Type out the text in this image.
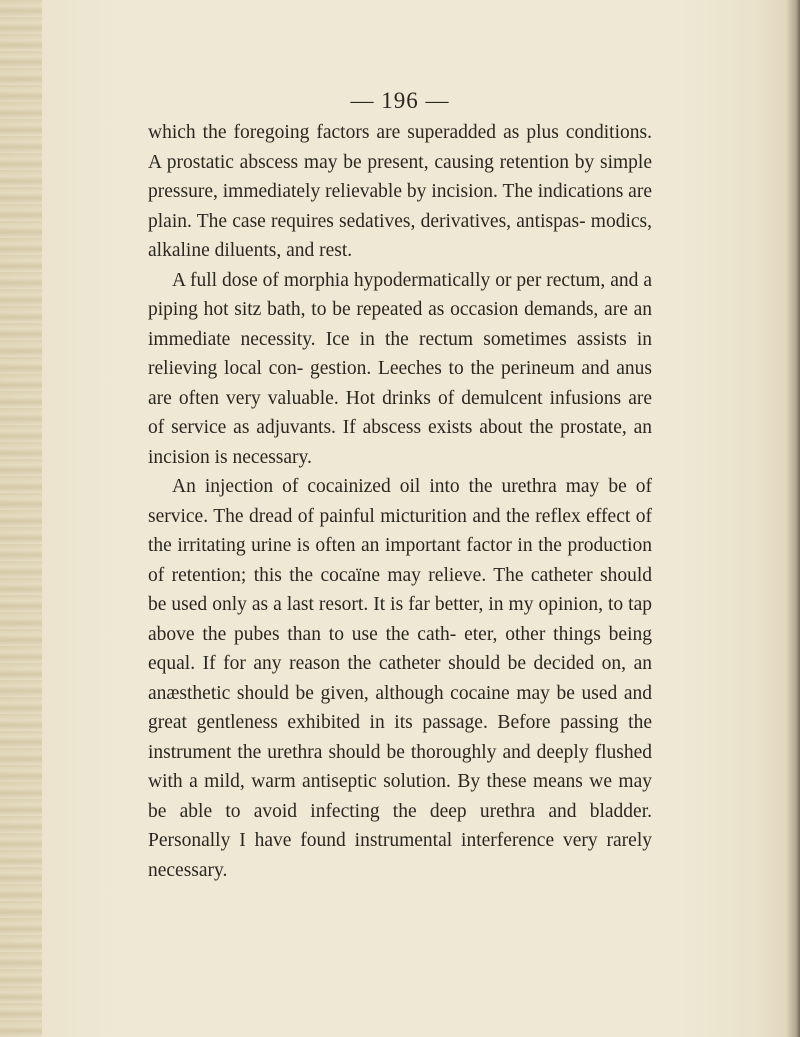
— 196 —

which the foregoing factors are superadded as plus conditions. A prostatic abscess may be present, causing retention by simple pressure, immediately relievable by incision. The indications are plain. The case requires sedatives, derivatives, antispas- modics, alkaline diluents, and rest.

A full dose of morphia hypodermatically or per rectum, and a piping hot sitz bath, to be repeated as occasion demands, are an immediate necessity. Ice in the rectum sometimes assists in relieving local con- gestion. Leeches to the perineum and anus are often very valuable. Hot drinks of demulcent infusions are of service as adjuvants. If abscess exists about the prostate, an incision is necessary.

An injection of cocainized oil into the urethra may be of service. The dread of painful micturition and the reflex effect of the irritating urine is often an important factor in the production of retention; this the cocaïne may relieve. The catheter should be used only as a last resort. It is far better, in my opinion, to tap above the pubes than to use the cath- eter, other things being equal. If for any reason the catheter should be decided on, an anæsthetic should be given, although cocaine may be used and great gentleness exhibited in its passage. Before passing the instrument the urethra should be thoroughly and deeply flushed with a mild, warm antiseptic solution. By these means we may be able to avoid infecting the deep urethra and bladder. Personally I have found instrumental interference very rarely necessary.
